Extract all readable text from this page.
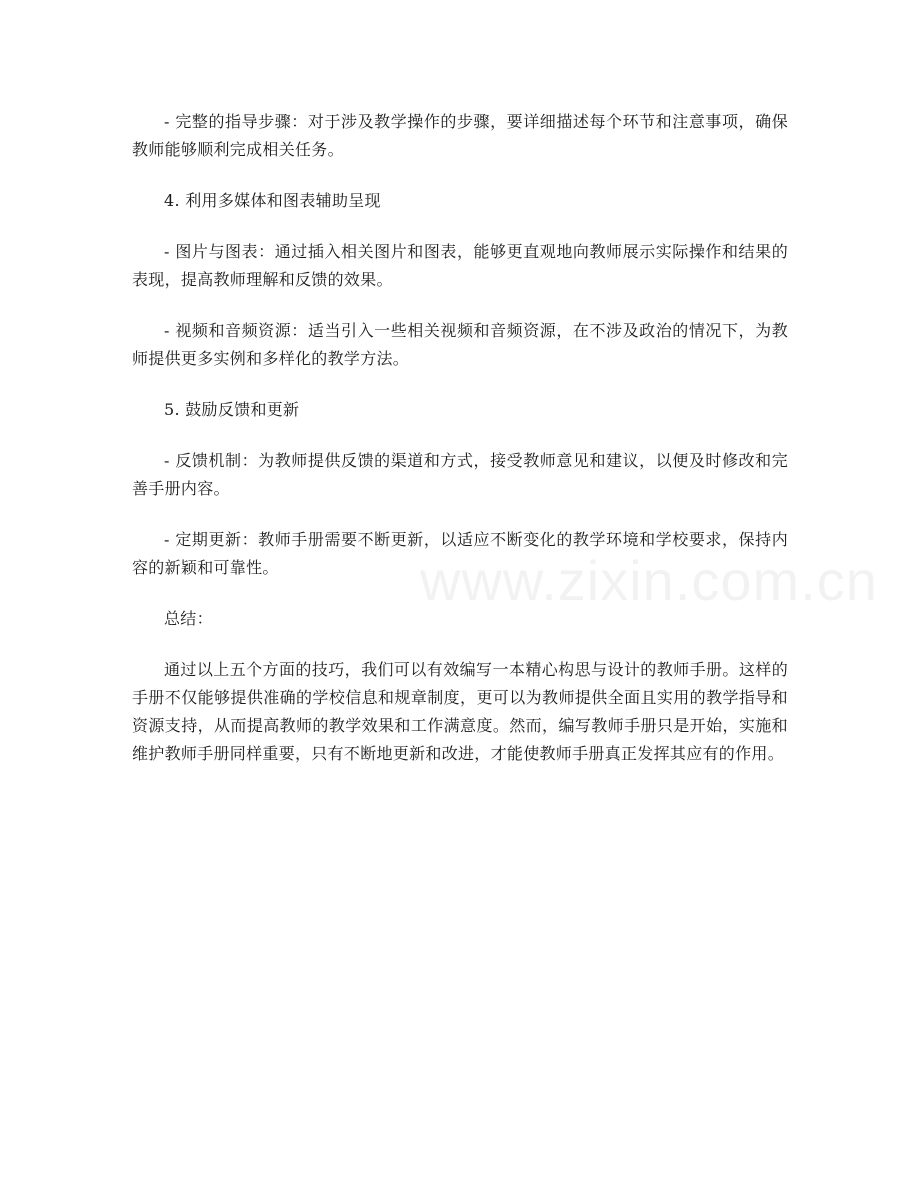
- 完整的指导步骤：对于涉及教学操作的步骤，要详细描述每个环节和注意事项，确保教师能够顺利完成相关任务。

4. 利用多媒体和图表辅助呈现

- 图片与图表：通过插入相关图片和图表，能够更直观地向教师展示实际操作和结果的表现，提高教师理解和反馈的效果。

- 视频和音频资源：适当引入一些相关视频和音频资源，在不涉及政治的情况下，为教师提供更多实例和多样化的教学方法。

5. 鼓励反馈和更新

- 反馈机制：为教师提供反馈的渠道和方式，接受教师意见和建议，以便及时修改和完善手册内容。

- 定期更新：教师手册需要不断更新，以适应不断变化的教学环境和学校要求，保持内容的新颖和可靠性。

总结：

通过以上五个方面的技巧，我们可以有效编写一本精心构思与设计的教师手册。这样的手册不仅能够提供准确的学校信息和规章制度，更可以为教师提供全面且实用的教学指导和资源支持，从而提高教师的教学效果和工作满意度。然而，编写教师手册只是开始，实施和维护教师手册同样重要，只有不断地更新和改进，才能使教师手册真正发挥其应有的作用。

www.zixin.com.cn
